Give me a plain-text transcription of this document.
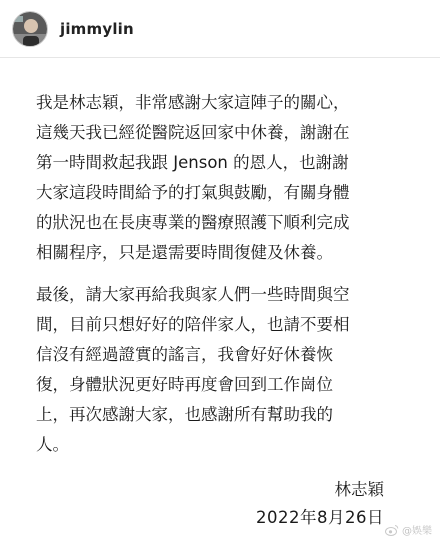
jimmylin

我是林志穎，非常感謝大家這陣子的關心，
這幾天我已經從醫院返回家中休養，謝謝在
第一時間救起我跟 Jenson 的恩人，也謝謝
大家這段時間給予的打氣與鼓勵，有關身體
的狀況也在長庚專業的醫療照護下順利完成
相關程序，只是還需要時間復健及休養。

最後，請大家再給我與家人們一些時間與空
間，目前只想好好的陪伴家人，也請不要相
信沒有經過證實的謠言，我會好好休養恢
復，身體狀況更好時再度會回到工作崗位
上，再次感謝大家，也感謝所有幫助我的
人。

林志穎
2022年8月26日
@娛樂
